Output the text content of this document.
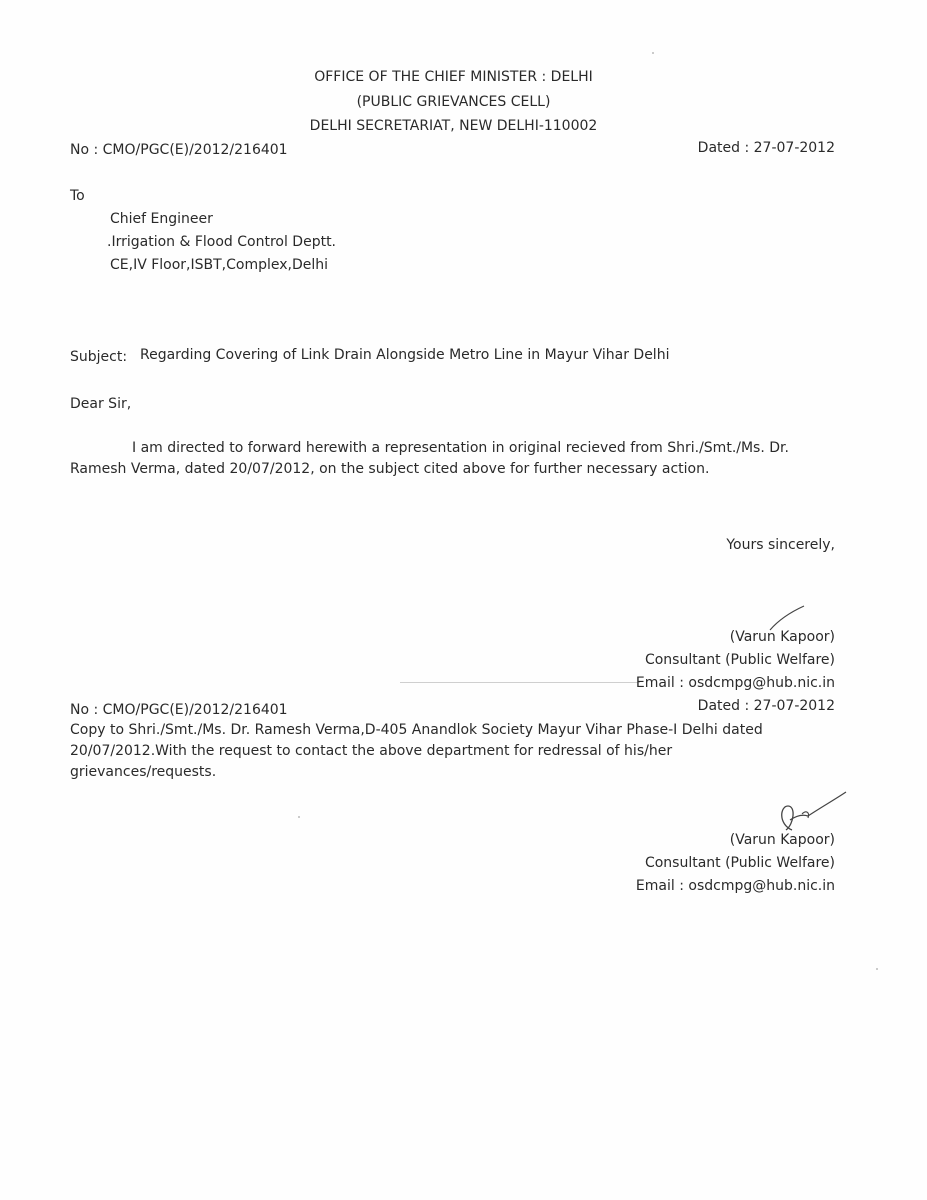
OFFICE OF THE CHIEF MINISTER : DELHI
(PUBLIC GRIEVANCES CELL)
DELHI SECRETARIAT, NEW DELHI-110002
No : CMO/PGC(E)/2012/216401	Dated : 27-07-2012
To
Chief Engineer
.Irrigation & Flood Control Deptt.
CE,IV Floor,ISBT,Complex,Delhi
Subject: Regarding Covering of Link Drain Alongside Metro Line in Mayur Vihar Delhi
Dear Sir,
I am directed to forward herewith a representation in original recieved from Shri./Smt./Ms. Dr. Ramesh Verma, dated 20/07/2012, on the subject cited above for further necessary action.
Yours sincerely,
(Varun Kapoor)
Consultant (Public Welfare)
Email : osdcmpg@hub.nic.in
No : CMO/PGC(E)/2012/216401	Dated : 27-07-2012
Copy to Shri./Smt./Ms. Dr. Ramesh Verma,D-405 Anandlok Society Mayur Vihar Phase-I Delhi dated 20/07/2012.With the request to contact the above department for redressal of his/her grievances/requests.
(Varun Kapoor)
Consultant (Public Welfare)
Email : osdcmpg@hub.nic.in
